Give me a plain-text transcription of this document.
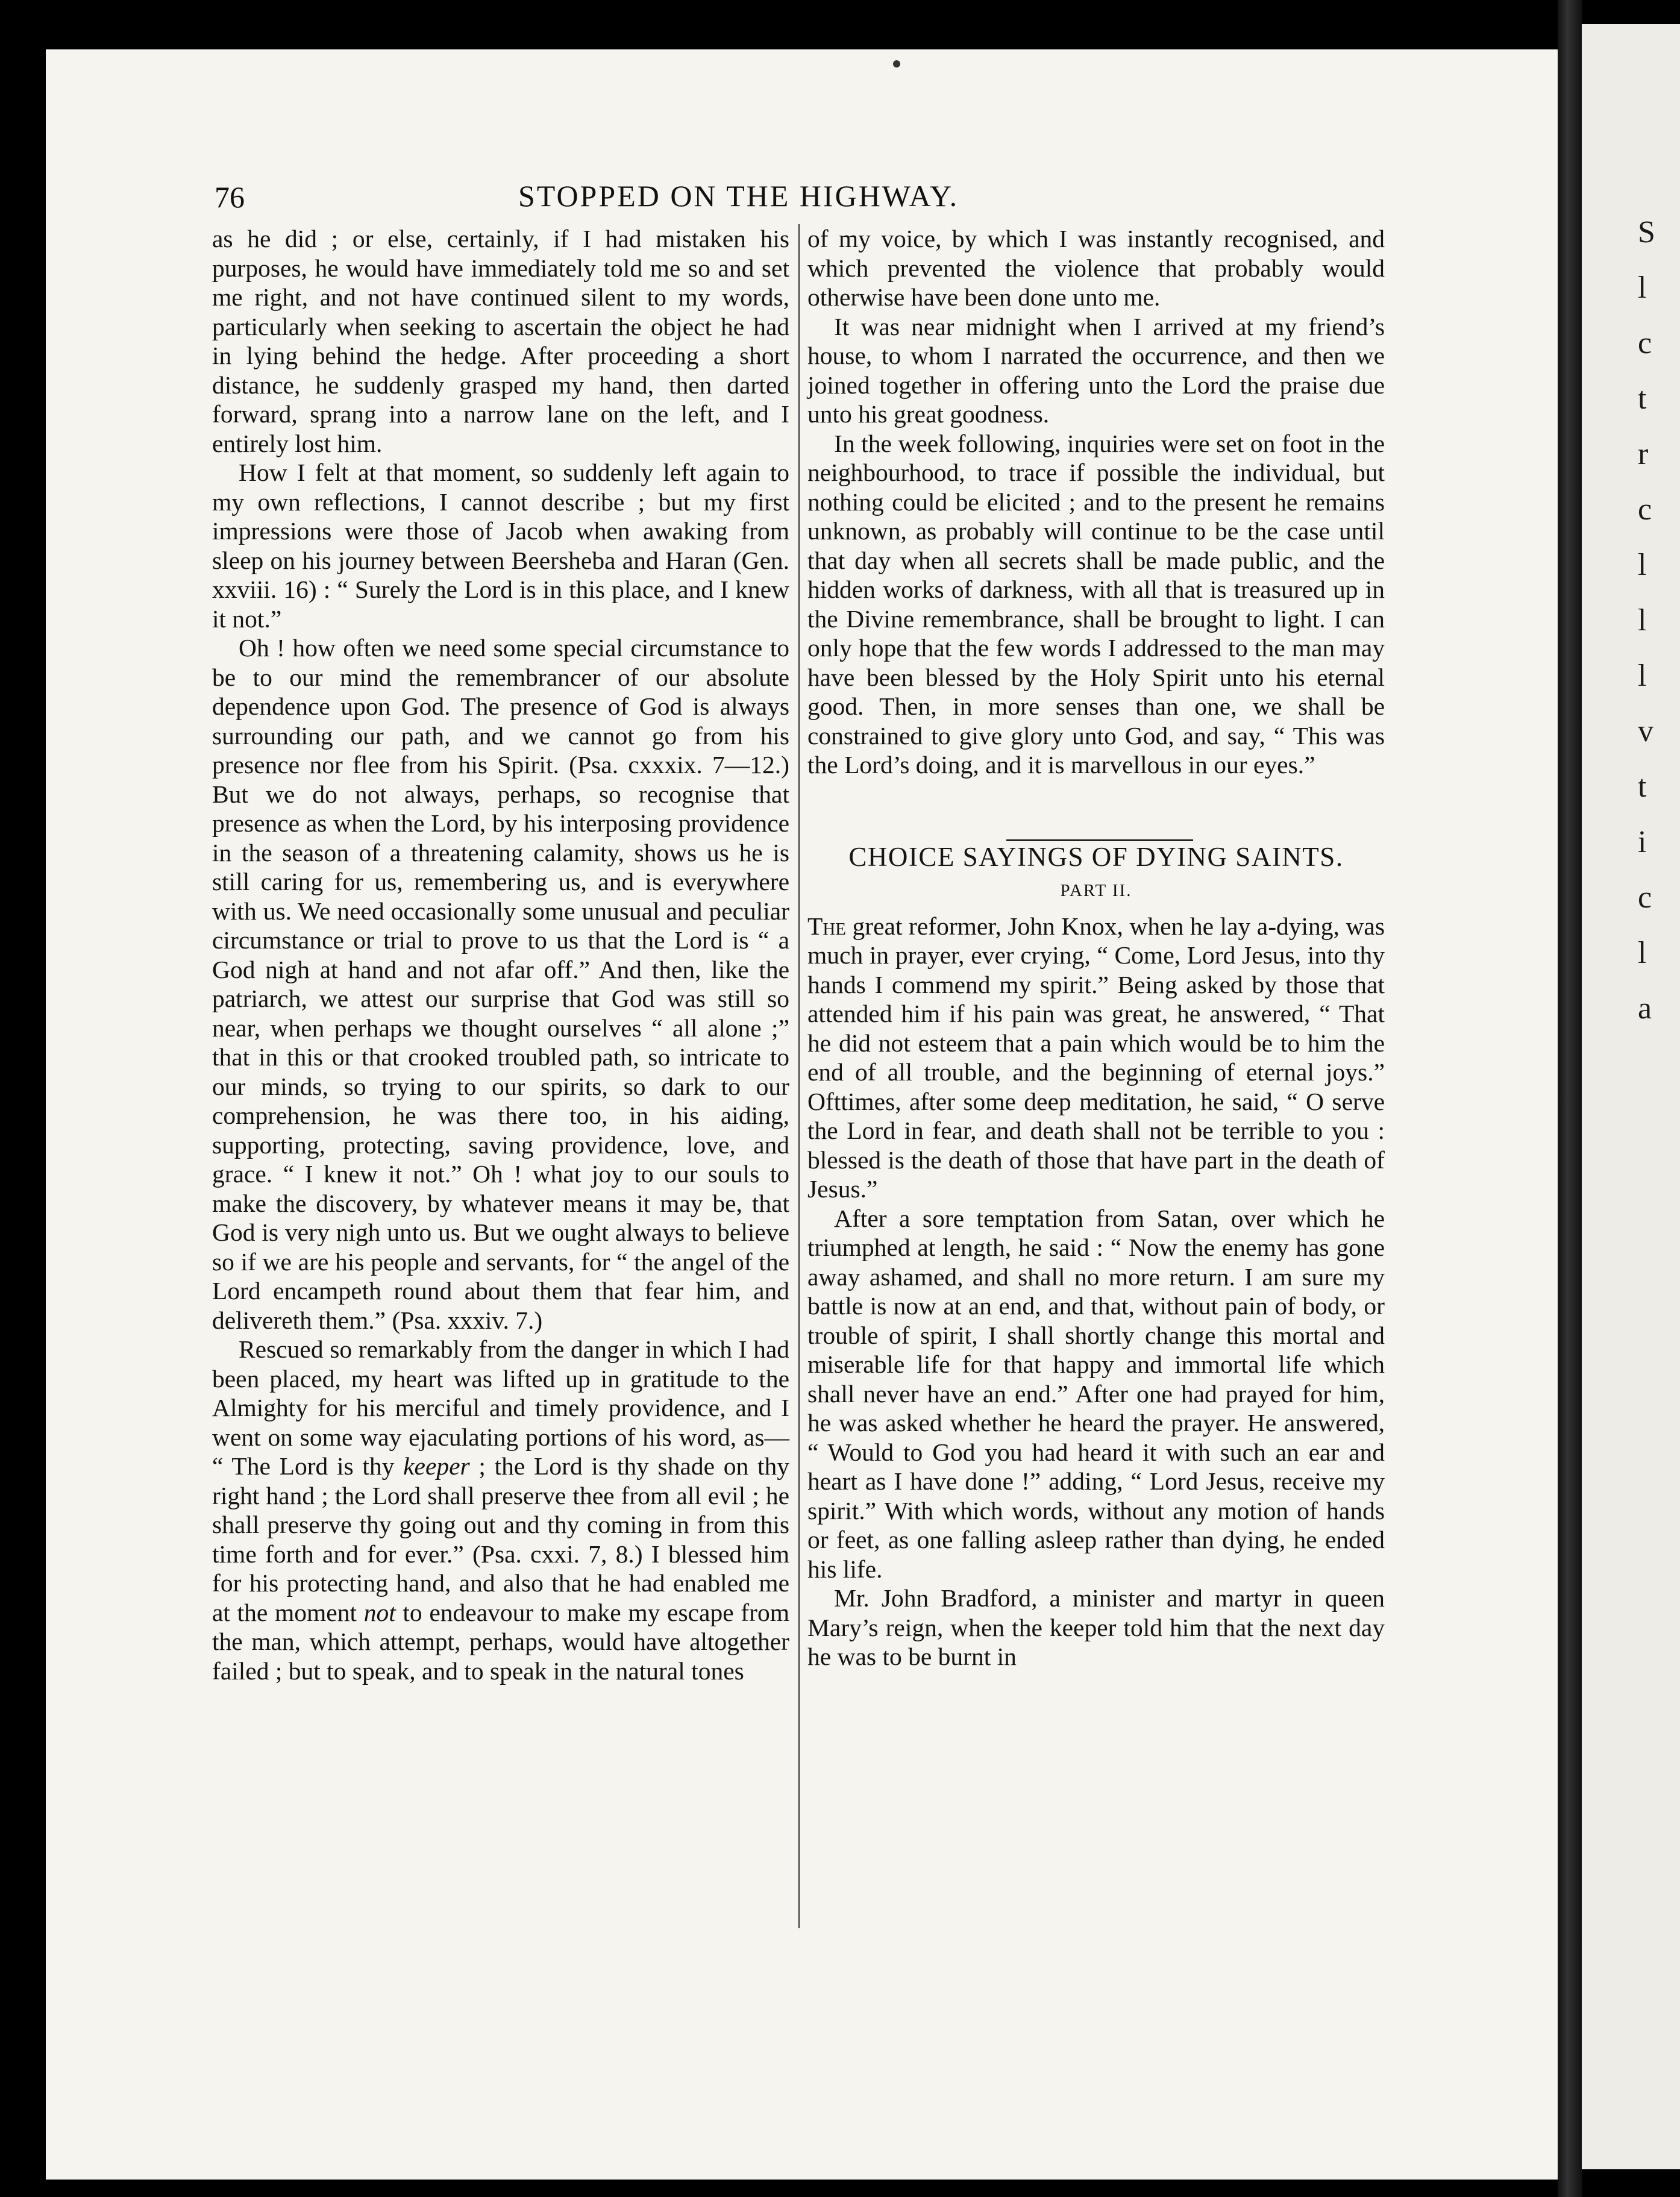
S
l
c
t
r
c
l
l
l
v
t
i
c
l
a
76	STOPPED ON THE HIGHWAY.

as he did ; or else, certainly, if I had mistaken his purposes, he would have immediately told me so and set me right, and not have continued silent to my words, particularly when seeking to ascertain the object he had in lying behind the hedge. After proceeding a short distance, he suddenly grasped my hand, then darted forward, sprang into a narrow lane on the left, and I entirely lost him.

How I felt at that moment, so suddenly left again to my own reflections, I cannot describe ; but my first impressions were those of Jacob when awaking from sleep on his journey between Beersheba and Haran (Gen. xxviii. 16) : “ Surely the Lord is in this place, and I knew it not.”

Oh ! how often we need some special circumstance to be to our mind the remembrancer of our absolute dependence upon God. The presence of God is always surrounding our path, and we cannot go from his presence nor flee from his Spirit. (Psa. cxxxix. 7—12.) But we do not always, perhaps, so recognise that presence as when the Lord, by his interposing providence in the season of a threatening calamity, shows us he is still caring for us, remembering us, and is everywhere with us. We need occasionally some unusual and peculiar circumstance or trial to prove to us that the Lord is “ a God nigh at hand and not afar off.” And then, like the patriarch, we attest our surprise that God was still so near, when perhaps we thought ourselves “ all alone ;” that in this or that crooked troubled path, so intricate to our minds, so trying to our spirits, so dark to our comprehension, he was there too, in his aiding, supporting, protecting, saving providence, love, and grace. “ I knew it not.” Oh ! what joy to our souls to make the discovery, by whatever means it may be, that God is very nigh unto us. But we ought always to believe so if we are his people and servants, for “ the angel of the Lord encampeth round about them that fear him, and delivereth them.” (Psa. xxxiv. 7.)

Rescued so remarkably from the danger in which I had been placed, my heart was lifted up in gratitude to the Almighty for his merciful and timely providence, and I went on some way ejaculating portions of his word, as— “ The Lord is thy keeper ; the Lord is thy shade on thy right hand ; the Lord shall preserve thee from all evil ; he shall preserve thy going out and thy coming in from this time forth and for ever.” (Psa. cxxi. 7, 8.) I blessed him for his protecting hand, and also that he had enabled me at the moment not to endeavour to make my escape from the man, which attempt, perhaps, would have altogether failed ; but to speak, and to speak in the natural tones

of my voice, by which I was instantly recognised, and which prevented the violence that probably would otherwise have been done unto me.

It was near midnight when I arrived at my friend’s house, to whom I narrated the occurrence, and then we joined together in offering unto the Lord the praise due unto his great goodness.

In the week following, inquiries were set on foot in the neighbourhood, to trace if possible the individual, but nothing could be elicited ; and to the present he remains unknown, as probably will continue to be the case until that day when all secrets shall be made public, and the hidden works of darkness, with all that is treasured up in the Divine remembrance, shall be brought to light. I can only hope that the few words I addressed to the man may have been blessed by the Holy Spirit unto his eternal good. Then, in more senses than one, we shall be constrained to give glory unto God, and say, “ This was the Lord’s doing, and it is marvellous in our eyes.”

CHOICE SAYINGS OF DYING SAINTS.
PART II.

The great reformer, John Knox, when he lay a-dying, was much in prayer, ever crying, “ Come, Lord Jesus, into thy hands I commend my spirit.” Being asked by those that attended him if his pain was great, he answered, “ That he did not esteem that a pain which would be to him the end of all trouble, and the beginning of eternal joys.” Ofttimes, after some deep meditation, he said, “ O serve the Lord in fear, and death shall not be terrible to you : blessed is the death of those that have part in the death of Jesus.”

After a sore temptation from Satan, over which he triumphed at length, he said : “ Now the enemy has gone away ashamed, and shall no more return. I am sure my battle is now at an end, and that, without pain of body, or trouble of spirit, I shall shortly change this mortal and miserable life for that happy and immortal life which shall never have an end.” After one had prayed for him, he was asked whether he heard the prayer. He answered, “ Would to God you had heard it with such an ear and heart as I have done !” adding, “ Lord Jesus, receive my spirit.” With which words, without any motion of hands or feet, as one falling asleep rather than dying, he ended his life.

Mr. John Bradford, a minister and martyr in queen Mary’s reign, when the keeper told him that the next day he was to be burnt in
